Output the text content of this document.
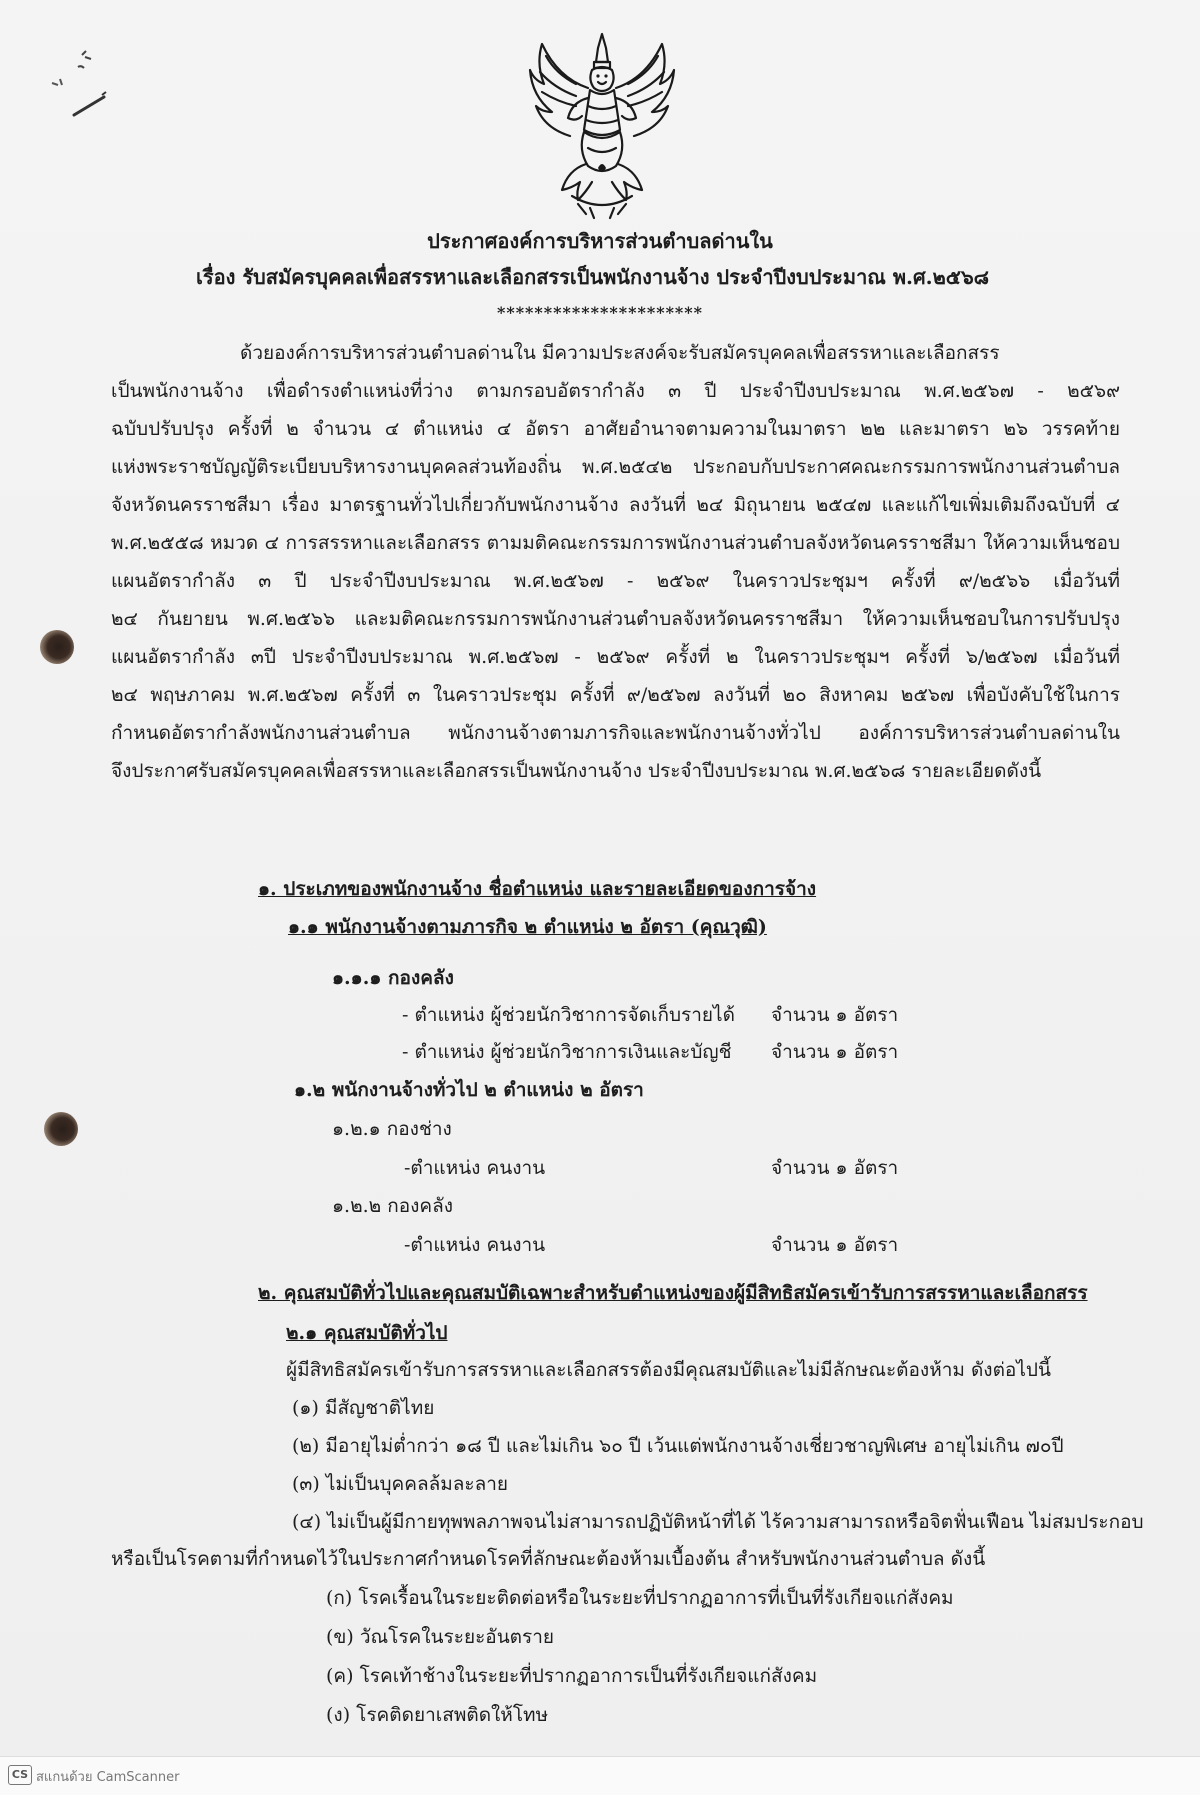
ประกาศองค์การบริหารส่วนตำบลด่านใน
เรื่อง รับสมัครบุคคลเพื่อสรรหาและเลือกสรรเป็นพนักงานจ้าง ประจำปีงบประมาณ พ.ศ.๒๕๖๘
**********************
ด้วยองค์การบริหารส่วนตำบลด่านใน มีความประสงค์จะรับสมัครบุคคลเพื่อสรรหาและเลือกสรร
เป็นพนักงานจ้าง เพื่อดำรงตำแหน่งที่ว่าง ตามกรอบอัตรากำลัง ๓ ปี ประจำปีงบประมาณ พ.ศ.๒๕๖๗ - ๒๕๖๙
ฉบับปรับปรุง ครั้งที่ ๒ จำนวน ๔ ตำแหน่ง ๔ อัตรา อาศัยอำนาจตามความในมาตรา ๒๒ และมาตรา ๒๖ วรรคท้าย
แห่งพระราชบัญญัติระเบียบบริหารงานบุคคลส่วนท้องถิ่น พ.ศ.๒๕๔๒ ประกอบกับประกาศคณะกรรมการพนักงานส่วนตำบล
จังหวัดนครราชสีมา เรื่อง มาตรฐานทั่วไปเกี่ยวกับพนักงานจ้าง ลงวันที่ ๒๔ มิถุนายน ๒๕๔๗ และแก้ไขเพิ่มเติมถึงฉบับที่ ๔
พ.ศ.๒๕๕๘ หมวด ๔ การสรรหาและเลือกสรร ตามมติคณะกรรมการพนักงานส่วนตำบลจังหวัดนครราชสีมา ให้ความเห็นชอบ
แผนอัตรากำลัง ๓ ปี ประจำปีงบประมาณ พ.ศ.๒๕๖๗ - ๒๕๖๙ ในคราวประชุมฯ ครั้งที่ ๙/๒๕๖๖ เมื่อวันที่
๒๔ กันยายน พ.ศ.๒๕๖๖ และมติคณะกรรมการพนักงานส่วนตำบลจังหวัดนครราชสีมา ให้ความเห็นชอบในการปรับปรุง
แผนอัตรากำลัง ๓ปี ประจำปีงบประมาณ พ.ศ.๒๕๖๗ - ๒๕๖๙ ครั้งที่ ๒ ในคราวประชุมฯ ครั้งที่ ๖/๒๕๖๗ เมื่อวันที่
๒๔ พฤษภาคม พ.ศ.๒๕๖๗ ครั้งที่ ๓ ในคราวประชุม ครั้งที่ ๙/๒๕๖๗ ลงวันที่ ๒๐ สิงหาคม ๒๕๖๗ เพื่อบังคับใช้ในการ
กำหนดอัตรากำลังพนักงานส่วนตำบล พนักงานจ้างตามภารกิจและพนักงานจ้างทั่วไป องค์การบริหารส่วนตำบลด่านใน
จึงประกาศรับสมัครบุคคลเพื่อสรรหาและเลือกสรรเป็นพนักงานจ้าง ประจำปีงบประมาณ พ.ศ.๒๕๖๘ รายละเอียดดังนี้
๑. ประเภทของพนักงานจ้าง ชื่อตำแหน่ง และรายละเอียดของการจ้าง
๑.๑ พนักงานจ้างตามภารกิจ ๒ ตำแหน่ง ๒ อัตรา (คุณวุฒิ)
๑.๑.๑ กองคลัง
- ตำแหน่ง ผู้ช่วยนักวิชาการจัดเก็บรายได้ จำนวน ๑ อัตรา
- ตำแหน่ง ผู้ช่วยนักวิชาการเงินและบัญชี จำนวน ๑ อัตรา
๑.๒ พนักงานจ้างทั่วไป ๒ ตำแหน่ง ๒ อัตรา
๑.๒.๑ กองช่าง
-ตำแหน่ง คนงาน	จำนวน ๑ อัตรา
๑.๒.๒ กองคลัง
-ตำแหน่ง คนงาน	จำนวน ๑ อัตรา
๒. คุณสมบัติทั่วไปและคุณสมบัติเฉพาะสำหรับตำแหน่งของผู้มีสิทธิสมัครเข้ารับการสรรหาและเลือกสรร
๒.๑ คุณสมบัติทั่วไป
ผู้มีสิทธิสมัครเข้ารับการสรรหาและเลือกสรรต้องมีคุณสมบัติและไม่มีลักษณะต้องห้าม ดังต่อไปนี้
(๑) มีสัญชาติไทย
(๒) มีอายุไม่ต่ำกว่า ๑๘ ปี และไม่เกิน ๖๐ ปี เว้นแต่พนักงานจ้างเชี่ยวชาญพิเศษ อายุไม่เกิน ๗๐ปี
(๓) ไม่เป็นบุคคลล้มละลาย
(๔) ไม่เป็นผู้มีกายทุพพลภาพจนไม่สามารถปฏิบัติหน้าที่ได้ ไร้ความสามารถหรือจิตฟั่นเฟือน ไม่สมประกอบ
หรือเป็นโรคตามที่กำหนดไว้ในประกาศกำหนดโรคที่ลักษณะต้องห้ามเบื้องต้น สำหรับพนักงานส่วนตำบล ดังนี้
(ก) โรคเรื้อนในระยะติดต่อหรือในระยะที่ปรากฏอาการที่เป็นที่รังเกียจแก่สังคม
(ข) วัณโรคในระยะอันตราย
(ค) โรคเท้าช้างในระยะที่ปรากฏอาการเป็นที่รังเกียจแก่สังคม
(ง) โรคติดยาเสพติดให้โทษ
CS สแกนด้วย CamScanner
